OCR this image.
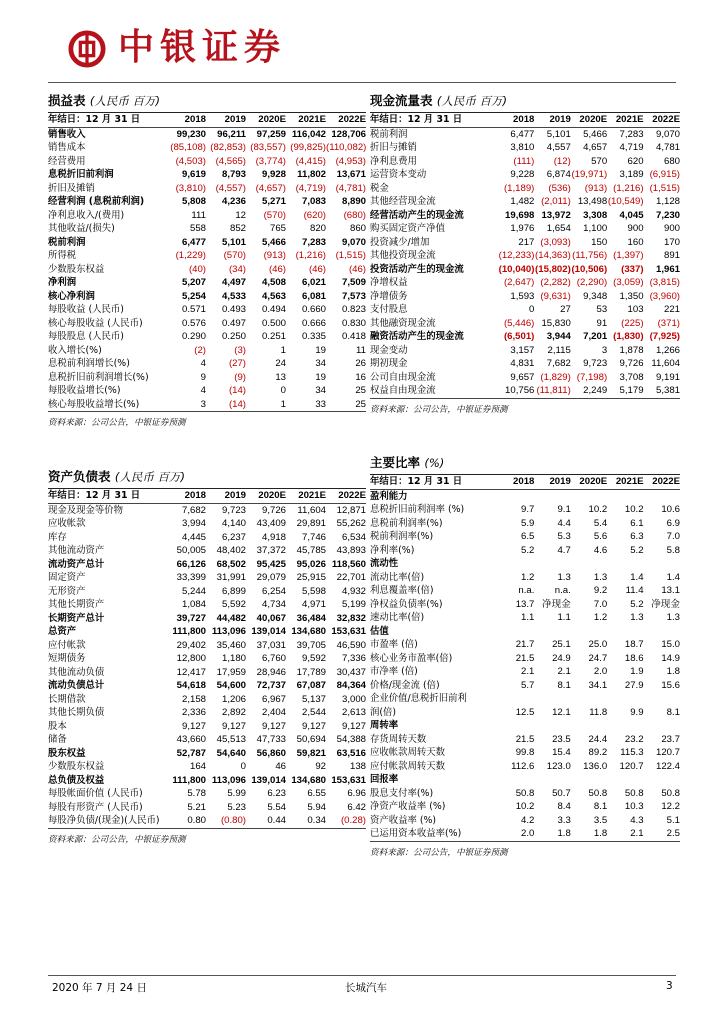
中银证券
损益表 (人民币 百万)
年结日：12 月 31 日	2018	2019	2020E	2021E	2022E
销售收入	99,230	96,211	97,259	116,042	128,706
销售成本	(85,108)	(82,853)	(83,557)	(99,825)	(110,082)
经营费用	(4,503)	(4,565)	(3,774)	(4,415)	(4,953)
息税折旧前利润	9,619	8,793	9,928	11,802	13,671
折旧及摊销	(3,810)	(4,557)	(4,657)	(4,719)	(4,781)
经营利润 (息税前利润)	5,808	4,236	5,271	7,083	8,890
净利息收入/(费用)	111	12	(570)	(620)	(680)
其他收益/(损失)	558	852	765	820	860
税前利润	6,477	5,101	5,466	7,283	9,070
所得税	(1,229)	(570)	(913)	(1,216)	(1,515)
少数股东权益	(40)	(34)	(46)	(46)	(46)
净利润	5,207	4,497	4,508	6,021	7,509
核心净利润	5,254	4,533	4,563	6,081	7,573
每股收益 (人民币)	0.571	0.493	0.494	0.660	0.823
核心每股收益 (人民币)	0.576	0.497	0.500	0.666	0.830
每股股息 (人民币)	0.290	0.250	0.251	0.335	0.418
收入增长(%)	(2)	(3)	1	19	11
息税前利润增长(%)	4	(27)	24	34	26
息税折旧前利润增长(%)	9	(9)	13	19	16
每股收益增长(%)	4	(14)	0	34	25
核心每股收益增长(%)	3	(14)	1	33	25
资料来源：公司公告，中银证券预测
现金流量表 (人民币 百万)
年结日：12 月 31 日	2018	2019	2020E	2021E	2022E
税前利润	6,477	5,101	5,466	7,283	9,070
折旧与摊销	3,810	4,557	4,657	4,719	4,781
净利息费用	(111)	(12)	570	620	680
运营资本变动	9,228	6,874	(19,971)	3,189	(6,915)
税金	(1,189)	(536)	(913)	(1,216)	(1,515)
其他经营现金流	1,482	(2,011)	13,498	(10,549)	1,128
经营活动产生的现金流	19,698	13,972	3,308	4,045	7,230
购买固定资产净值	1,976	1,654	1,100	900	900
投资减少/增加	217	(3,093)	150	160	170
其他投资现金流	(12,233)	(14,363)	(11,756)	(1,397)	891
投资活动产生的现金流	(10,040)	(15,802)	(10,506)	(337)	1,961
净增权益	(2,647)	(2,282)	(2,290)	(3,059)	(3,815)
净增债务	1,593	(9,631)	9,348	1,350	(3,960)
支付股息	0	27	53	103	221
其他融资现金流	(5,446)	15,830	91	(225)	(371)
融资活动产生的现金流	(6,501)	3,944	7,201	(1,830)	(7,925)
现金变动	3,157	2,115	3	1,878	1,266
期初现金	4,831	7,682	9,723	9,726	11,604
公司自由现金流	9,657	(1,829)	(7,198)	3,708	9,191
权益自由现金流	10,756	(11,811)	2,249	5,179	5,381
资料来源：公司公告，中银证券预测
资产负债表 (人民币 百万)
年结日：12 月 31 日	2018	2019	2020E	2021E	2022E
现金及现金等价物	7,682	9,723	9,726	11,604	12,871
应收帐款	3,994	4,140	43,409	29,891	55,262
库存	4,445	6,237	4,918	7,746	6,534
其他流动资产	50,005	48,402	37,372	45,785	43,893
流动资产总计	66,126	68,502	95,425	95,026	118,560
固定资产	33,399	31,991	29,079	25,915	22,701
无形资产	5,244	6,899	6,254	5,598	4,932
其他长期资产	1,084	5,592	4,734	4,971	5,199
长期资产总计	39,727	44,482	40,067	36,484	32,832
总资产	111,800	113,096	139,014	134,680	153,631
应付帐款	29,402	35,460	37,031	39,705	46,590
短期债务	12,800	1,180	6,760	9,592	7,336
其他流动负债	12,417	17,959	28,946	17,789	30,437
流动负债总计	54,618	54,600	72,737	67,087	84,364
长期借款	2,158	1,206	6,967	5,137	3,000
其他长期负债	2,336	2,892	2,404	2,544	2,613
股本	9,127	9,127	9,127	9,127	9,127
储备	43,660	45,513	47,733	50,694	54,388
股东权益	52,787	54,640	56,860	59,821	63,516
少数股东权益	164	0	46	92	138
总负债及权益	111,800	113,096	139,014	134,680	153,631
每股帐面价值 (人民币)	5.78	5.99	6.23	6.55	6.96
每股有形资产 (人民币)	5.21	5.23	5.54	5.94	6.42
每股净负债/(现金)(人民币)	0.80	(0.80)	0.44	0.34	(0.28)
资料来源：公司公告，中银证券预测
主要比率 (%)
年结日：12 月 31 日	2018	2019	2020E	2021E	2022E
盈利能力					
息税折旧前利润率 (%)	9.7	9.1	10.2	10.2	10.6
息税前利润率(%)	5.9	4.4	5.4	6.1	6.9
税前利润率(%)	6.5	5.3	5.6	6.3	7.0
净利率(%)	5.2	4.7	4.6	5.2	5.8
流动性					
流动比率(倍)	1.2	1.3	1.3	1.4	1.4
利息覆盖率(倍)	n.a.	n.a.	9.2	11.4	13.1
净权益负债率(%)	13.7	净现金	7.0	5.2	净现金
速动比率(倍)	1.1	1.1	1.2	1.3	1.3
估值					
市盈率 (倍)	21.7	25.1	25.0	18.7	15.0
核心业务市盈率(倍)	21.5	24.9	24.7	18.6	14.9
市净率 (倍)	2.1	2.1	2.0	1.9	1.8
价格/现金流 (倍)	5.7	8.1	34.1	27.9	15.6
企业价值/息税折旧前利					
润(倍)	12.5	12.1	11.8	9.9	8.1
周转率					
存货周转天数	21.5	23.5	24.4	23.2	23.7
应收帐款周转天数	99.8	15.4	89.2	115.3	120.7
应付帐款周转天数	112.6	123.0	136.0	120.7	122.4
回报率					
股息支付率(%)	50.8	50.7	50.8	50.8	50.8
净资产收益率 (%)	10.2	8.4	8.1	10.3	12.2
资产收益率 (%)	4.2	3.3	3.5	4.3	5.1
已运用资本收益率(%)	2.0	1.8	1.8	2.1	2.5
资料来源：公司公告，中银证券预测
2020 年 7 月 24 日	长城汽车	3
